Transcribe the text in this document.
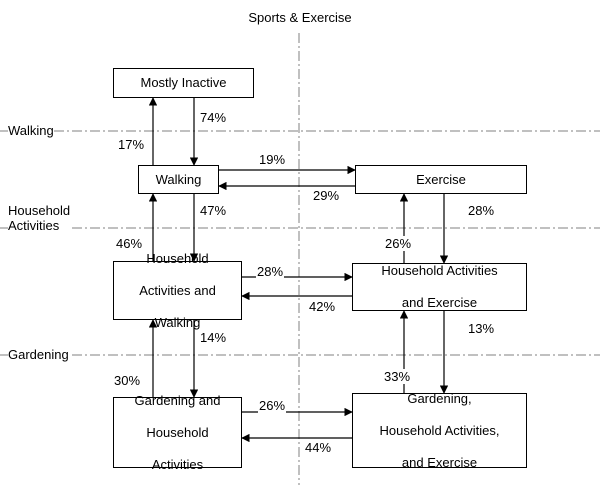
Sports & Exercise
Walking
Household
Activities
Gardening
Mostly Inactive
Walking	Exercise
Household

Activities and

Walking
Household Activities

and Exercise
Gardening and

Household

Activities
Gardening,

Household Activities,

and Exercise
74%
17%
19%
29%
47%
46%
28%
26%
28%
42%
14%
30%
13%
33%
26%
44%
